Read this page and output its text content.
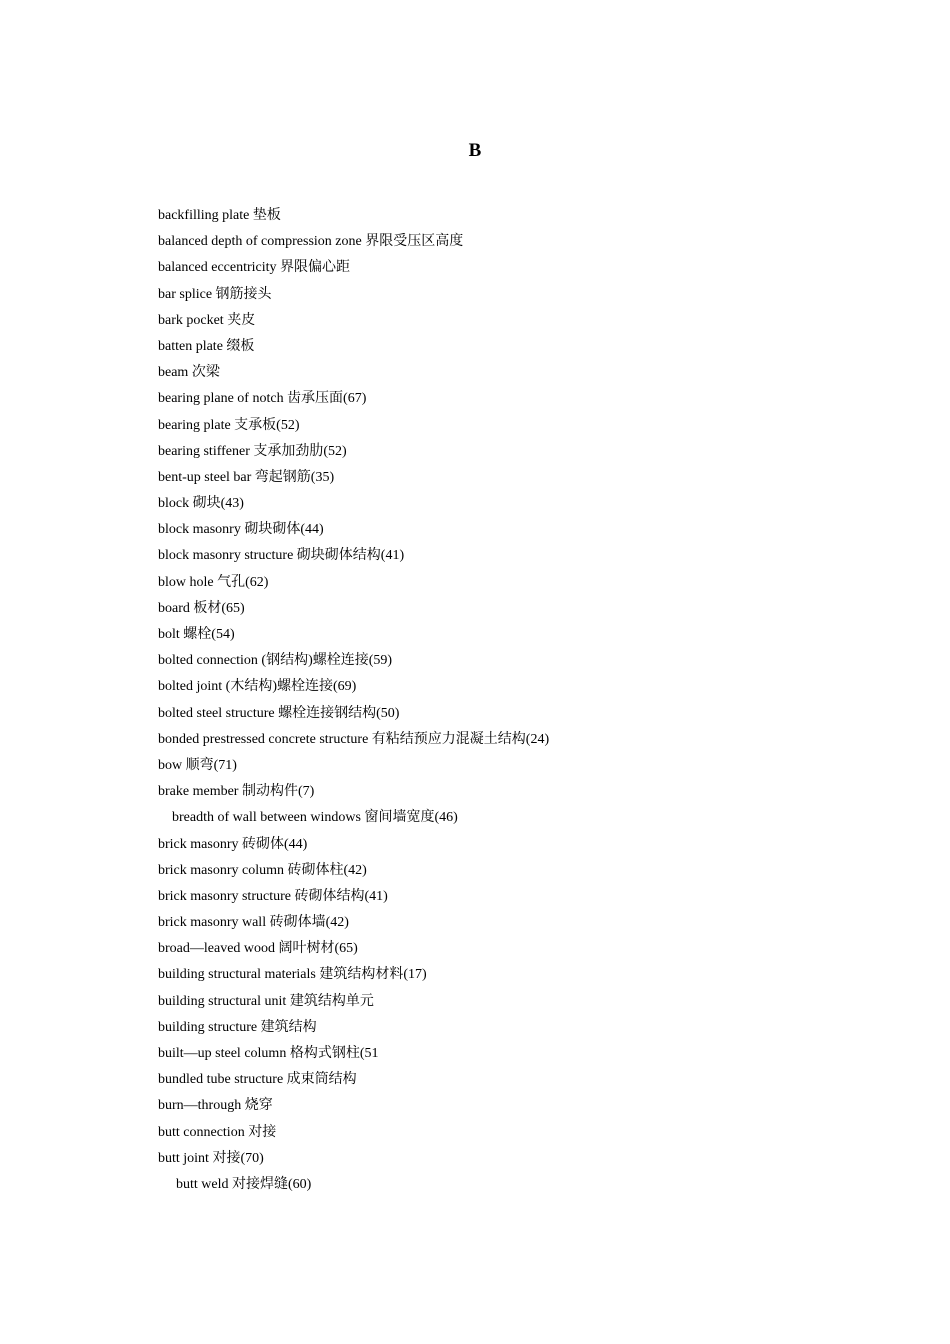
B
backfilling plate 垫板
balanced depth of compression zone 界限受压区高度
balanced eccentricity 界限偏心距
bar splice 钢筋接头
bark pocket 夹皮
batten plate 缀板
beam 次梁
bearing plane of notch 齿承压面(67)
bearing plate 支承板(52)
bearing stiffener 支承加劲肋(52)
bent-up steel bar 弯起钢筋(35)
block 砌块(43)
block masonry 砌块砌体(44)
block masonry structure 砌块砌体结构(41)
blow hole 气孔(62)
board 板材(65)
bolt 螺栓(54)
bolted connection (钢结构)螺栓连接(59)
bolted joint (木结构)螺栓连接(69)
bolted steel structure 螺栓连接钢结构(50)
bonded prestressed concrete structure 有粘结预应力混凝土结构(24)
bow 顺弯(71)
brake member 制动构件(7)
breadth of wall between windows 窗间墙宽度(46)
brick masonry 砖砌体(44)
brick masonry column 砖砌体柱(42)
brick masonry structure 砖砌体结构(41)
brick masonry wall 砖砌体墙(42)
broad—leaved wood 阔叶树材(65)
building structural materials 建筑结构材料(17)
building structural unit 建筑结构单元
building structure 建筑结构
built—up steel column 格构式钢柱(51
bundled tube structure 成束筒结构
burn—through 烧穿
butt connection 对接
butt joint 对接(70)
butt weld 对接焊缝(60)
